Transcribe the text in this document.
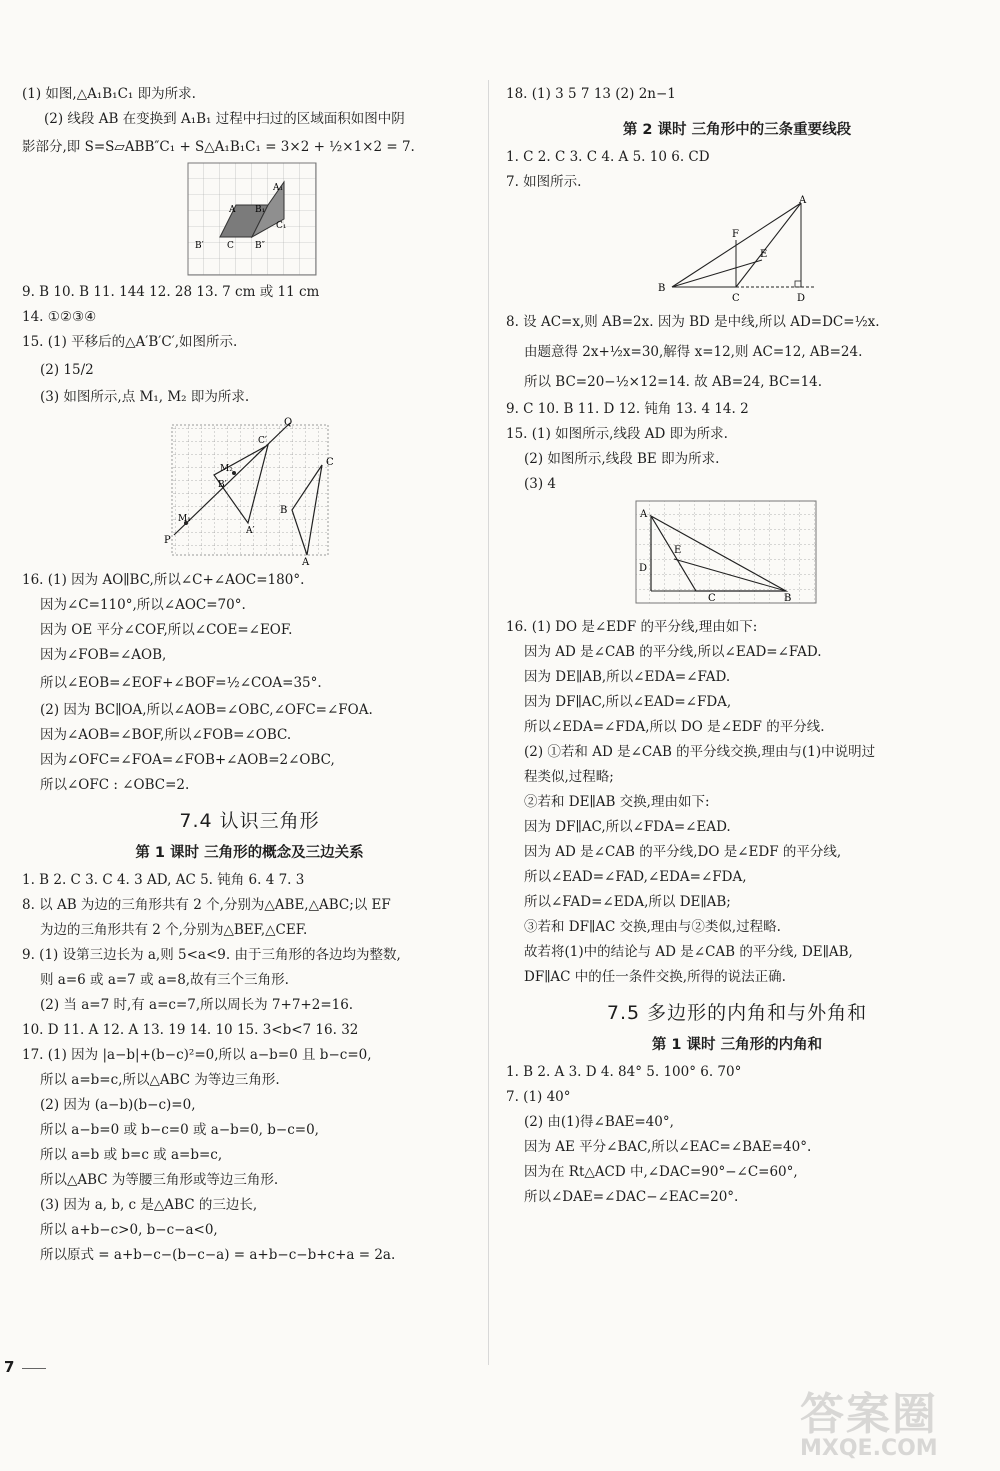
(1) 如图,△A₁B₁C₁ 即为所求.
(2) 线段 AB 在变换到 A₁B₁ 过程中扫过的区域面积如图中阴
影部分,即 S=S▱ABB″C₁ + S△A₁B₁C₁ = 3×2 + ½×1×2 = 7.
A₁
A B₁
C₁
B′	C B″
9. B 10. B 11. 144 12. 28 13. 7 cm 或 11 cm
14. ①②③④
15. (1) 平移后的△A′B′C′,如图所示.
(2) 15/2
(3) 如图所示,点 M₁, M₂ 即为所求.
Q
C′
M₂
B′
M₁
A′
P
C
B
A
16. (1) 因为 AO∥BC,所以∠C+∠AOC=180°.
因为∠C=110°,所以∠AOC=70°.
因为 OE 平分∠COF,所以∠COE=∠EOF.
因为∠FOB=∠AOB,
所以∠EOB=∠EOF+∠BOF=½∠COA=35°.
(2) 因为 BC∥OA,所以∠AOB=∠OBC,∠OFC=∠FOA.
因为∠AOB=∠BOF,所以∠FOB=∠OBC.
因为∠OFC=∠FOA=∠FOB+∠AOB=2∠OBC,
所以∠OFC : ∠OBC=2.
7.4 认识三角形
第 1 课时 三角形的概念及三边关系
1. B 2. C 3. C 4. 3 AD, AC 5. 钝角 6. 4 7. 3
8. 以 AB 为边的三角形共有 2 个,分别为△ABE,△ABC;以 EF
为边的三角形共有 2 个,分别为△BEF,△CEF.
9. (1) 设第三边长为 a,则 5<a<9. 由于三角形的各边均为整数,
则 a=6 或 a=7 或 a=8,故有三个三角形.
(2) 当 a=7 时,有 a=c=7,所以周长为 7+7+2=16.
10. D 11. A 12. A 13. 19 14. 10 15. 3<b<7 16. 32
17. (1) 因为 |a−b|+(b−c)²=0,所以 a−b=0 且 b−c=0,
所以 a=b=c,所以△ABC 为等边三角形.
(2) 因为 (a−b)(b−c)=0,
所以 a−b=0 或 b−c=0 或 a−b=0, b−c=0,
所以 a=b 或 b=c 或 a=b=c,
所以△ABC 为等腰三角形或等边三角形.
(3) 因为 a, b, c 是△ABC 的三边长,
所以 a+b−c>0, b−c−a<0,
所以原式 = a+b−c−(b−c−a) = a+b−c−b+c+a = 2a.
18. (1) 3 5 7 13 (2) 2n−1
第 2 课时 三角形中的三条重要线段
1. C 2. C 3. C 4. A 5. 10 6. CD
7. 如图所示.
A
F
E
B
C	D
8. 设 AC=x,则 AB=2x. 因为 BD 是中线,所以 AD=DC=½x.
由题意得 2x+½x=30,解得 x=12,则 AC=12, AB=24.
所以 BC=20−½×12=14. 故 AB=24, BC=14.
9. C 10. B 11. D 12. 钝角 13. 4 14. 2
15. (1) 如图所示,线段 AD 即为所求.
(2) 如图所示,线段 BE 即为所求.
(3) 4
A
E
D
C	B
16. (1) DO 是∠EDF 的平分线,理由如下:
因为 AD 是∠CAB 的平分线,所以∠EAD=∠FAD.
因为 DE∥AB,所以∠EDA=∠FAD.
因为 DF∥AC,所以∠EAD=∠FDA,
所以∠EDA=∠FDA,所以 DO 是∠EDF 的平分线.
(2) ①若和 AD 是∠CAB 的平分线交换,理由与(1)中说明过
程类似,过程略;
②若和 DE∥AB 交换,理由如下:
因为 DF∥AC,所以∠FDA=∠EAD.
因为 AD 是∠CAB 的平分线,DO 是∠EDF 的平分线,
所以∠EAD=∠FAD,∠EDA=∠FDA,
所以∠FAD=∠EDA,所以 DE∥AB;
③若和 DF∥AC 交换,理由与②类似,过程略.
故若将(1)中的结论与 AD 是∠CAB 的平分线, DE∥AB,
DF∥AC 中的任一条件交换,所得的说法正确.
7.5 多边形的内角和与外角和
第 1 课时 三角形的内角和
1. B 2. A 3. D 4. 84° 5. 100° 6. 70°
7. (1) 40°
(2) 由(1)得∠BAE=40°,
因为 AE 平分∠BAC,所以∠EAC=∠BAE=40°.
因为在 Rt△ACD 中,∠DAC=90°−∠C=60°,
所以∠DAE=∠DAC−∠EAC=20°.
7
答案圈
MXQE.COM
